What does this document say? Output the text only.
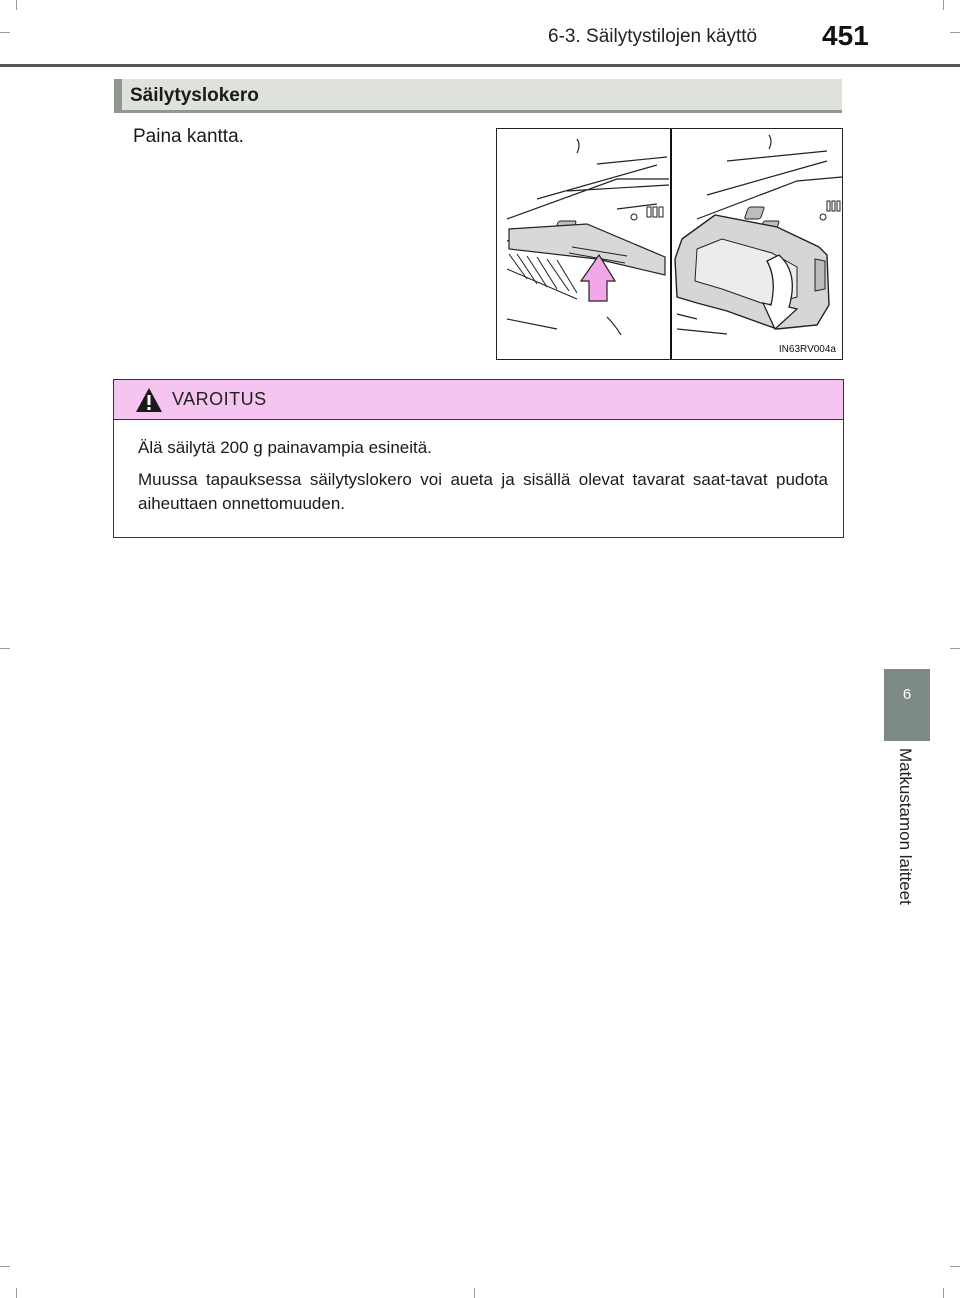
6-3. Säilytystilojen käyttö 451
6
Matkustamon laitteet
Säilytyslokero
Paina kantta.
IN63RV004a
VAROITUS

Älä säilytä 200 g painavampia esineitä.

Muussa tapauksessa säilytyslokero voi aueta ja sisällä olevat tavarat saat-tavat pudota aiheuttaen onnettomuuden.
